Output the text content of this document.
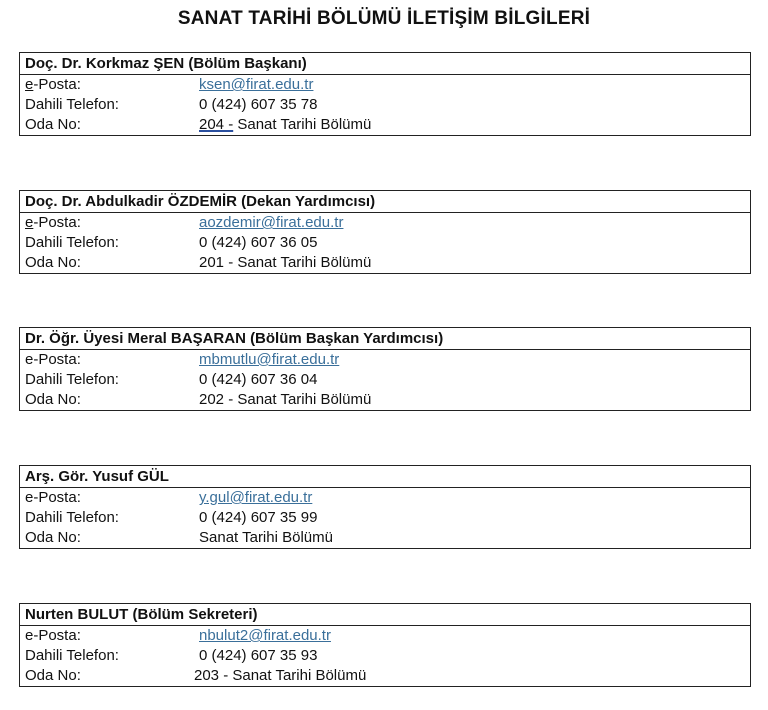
SANAT TARİHİ BÖLÜMÜ İLETİŞİM BİLGİLERİ
Doç. Dr. Korkmaz ŞEN (Bölüm Başkanı)
e-Posta:	ksen@firat.edu.tr
Dahili Telefon:	0 (424) 607 35 78
Oda No:	204 - Sanat Tarihi Bölümü
Doç. Dr. Abdulkadir ÖZDEMİR (Dekan Yardımcısı)
e-Posta:	aozdemir@firat.edu.tr
Dahili Telefon:	0 (424) 607 36 05
Oda No:	201 - Sanat Tarihi Bölümü
Dr. Öğr. Üyesi Meral BAŞARAN (Bölüm Başkan Yardımcısı)
e-Posta:	mbmutlu@firat.edu.tr
Dahili Telefon:	0 (424) 607 36 04
Oda No:	202 - Sanat Tarihi Bölümü
Arş. Gör. Yusuf GÜL
e-Posta:	y.gul@firat.edu.tr
Dahili Telefon:	0 (424) 607 35 99
Oda No:	Sanat Tarihi Bölümü
Nurten BULUT (Bölüm Sekreteri)
e-Posta:	nbulut2@firat.edu.tr
Dahili Telefon:	0 (424) 607 35 93
Oda No:	203 - Sanat Tarihi Bölümü
